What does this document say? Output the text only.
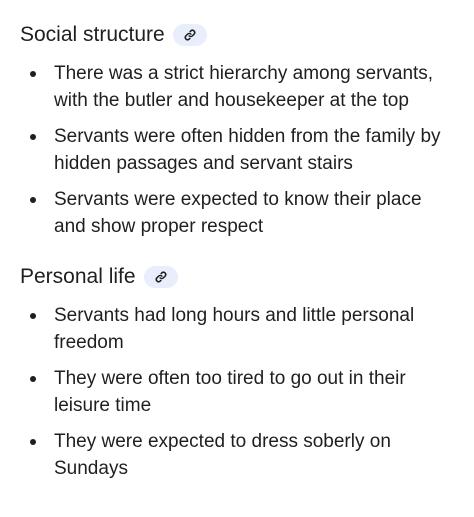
Social structure
There was a strict hierarchy among servants, with the butler and housekeeper at the top
Servants were often hidden from the family by hidden passages and servant stairs
Servants were expected to know their place and show proper respect
Personal life
Servants had long hours and little personal freedom
They were often too tired to go out in their leisure time
They were expected to dress soberly on Sundays
